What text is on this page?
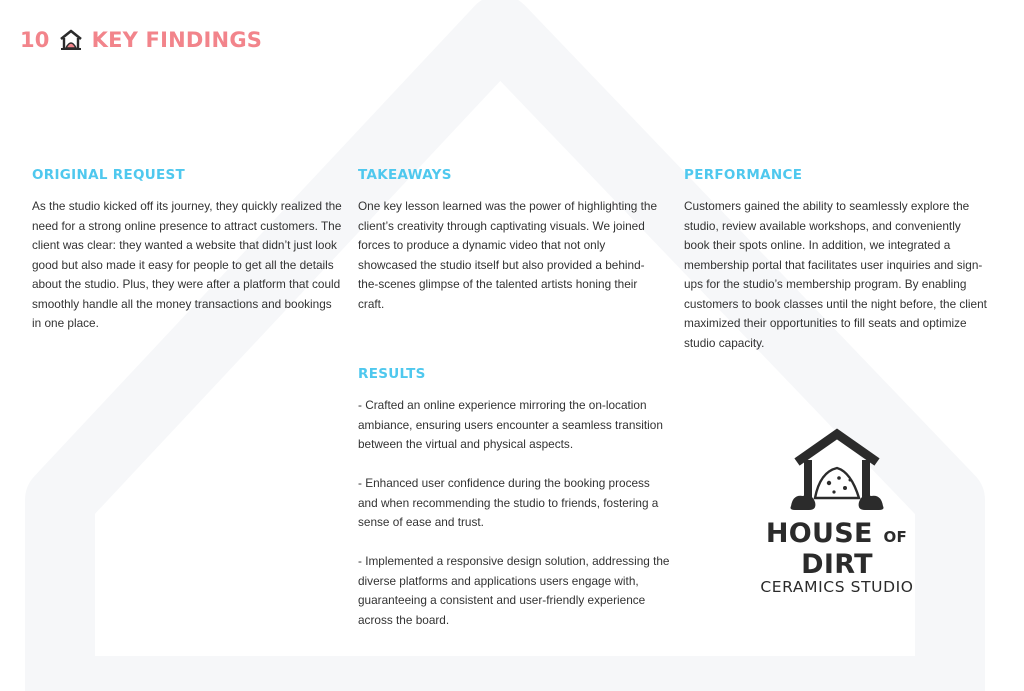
10 KEY FINDINGS
ORIGINAL REQUEST

As the studio kicked off its journey, they quickly realized the need for a strong online presence to attract customers. The client was clear: they wanted a website that didn’t just look good but also made it easy for people to get all the details about the studio. Plus, they were after a platform that could smoothly handle all the money transactions and bookings in one place.

TAKEAWAYS

One key lesson learned was the power of highlighting the client’s creativity through captivating visuals. We joined forces to produce a dynamic video that not only showcased the studio itself but also provided a behind-the-scenes glimpse of the talented artists honing their craft.

PERFORMANCE

Customers gained the ability to seamlessly explore the studio, review available workshops, and conveniently book their spots online. In addition, we integrated a membership portal that facilitates user inquiries and sign-ups for the studio’s membership program. By enabling customers to book classes until the night before, the client maximized their opportunities to fill seats and optimize studio capacity.

RESULTS

- Crafted an online experience mirroring the on-location ambiance, ensuring users encounter a seamless transition between the virtual and physical aspects.

- Enhanced user confidence during the booking process and when recommending the studio to friends, fostering a sense of ease and trust.

- Implemented a responsive design solution, addressing the diverse platforms and applications users engage with, guaranteeing a consistent and user-friendly experience across the board.

HOUSE OF DIRT
CERAMICS STUDIO
